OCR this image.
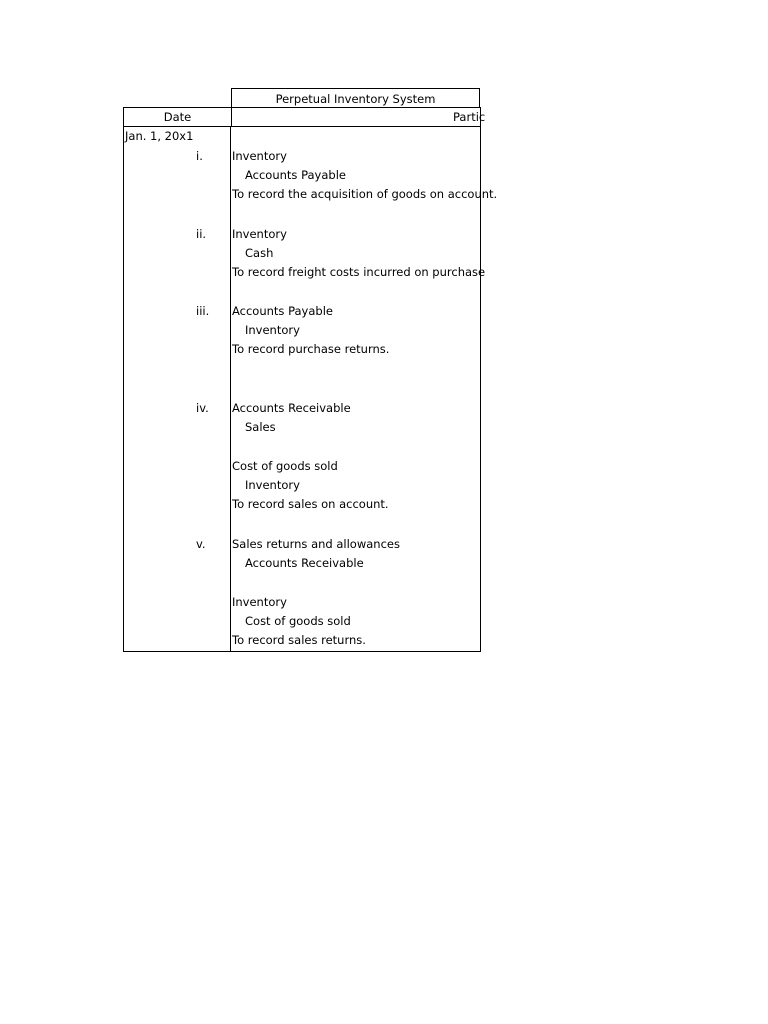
Perpetual Inventory System
Date	Partic
Jan. 1, 20x1
i.	Inventory
Accounts Payable
To record the acquisition of goods on account.
ii.	Inventory
Cash
To record freight costs incurred on purchase
iii.	Accounts Payable
Inventory
To record purchase returns.
iv.	Accounts Receivable
Sales
Cost of goods sold
Inventory
To record sales on account.
v.	Sales returns and allowances
Accounts Receivable
Inventory
Cost of goods sold
To record sales returns.
